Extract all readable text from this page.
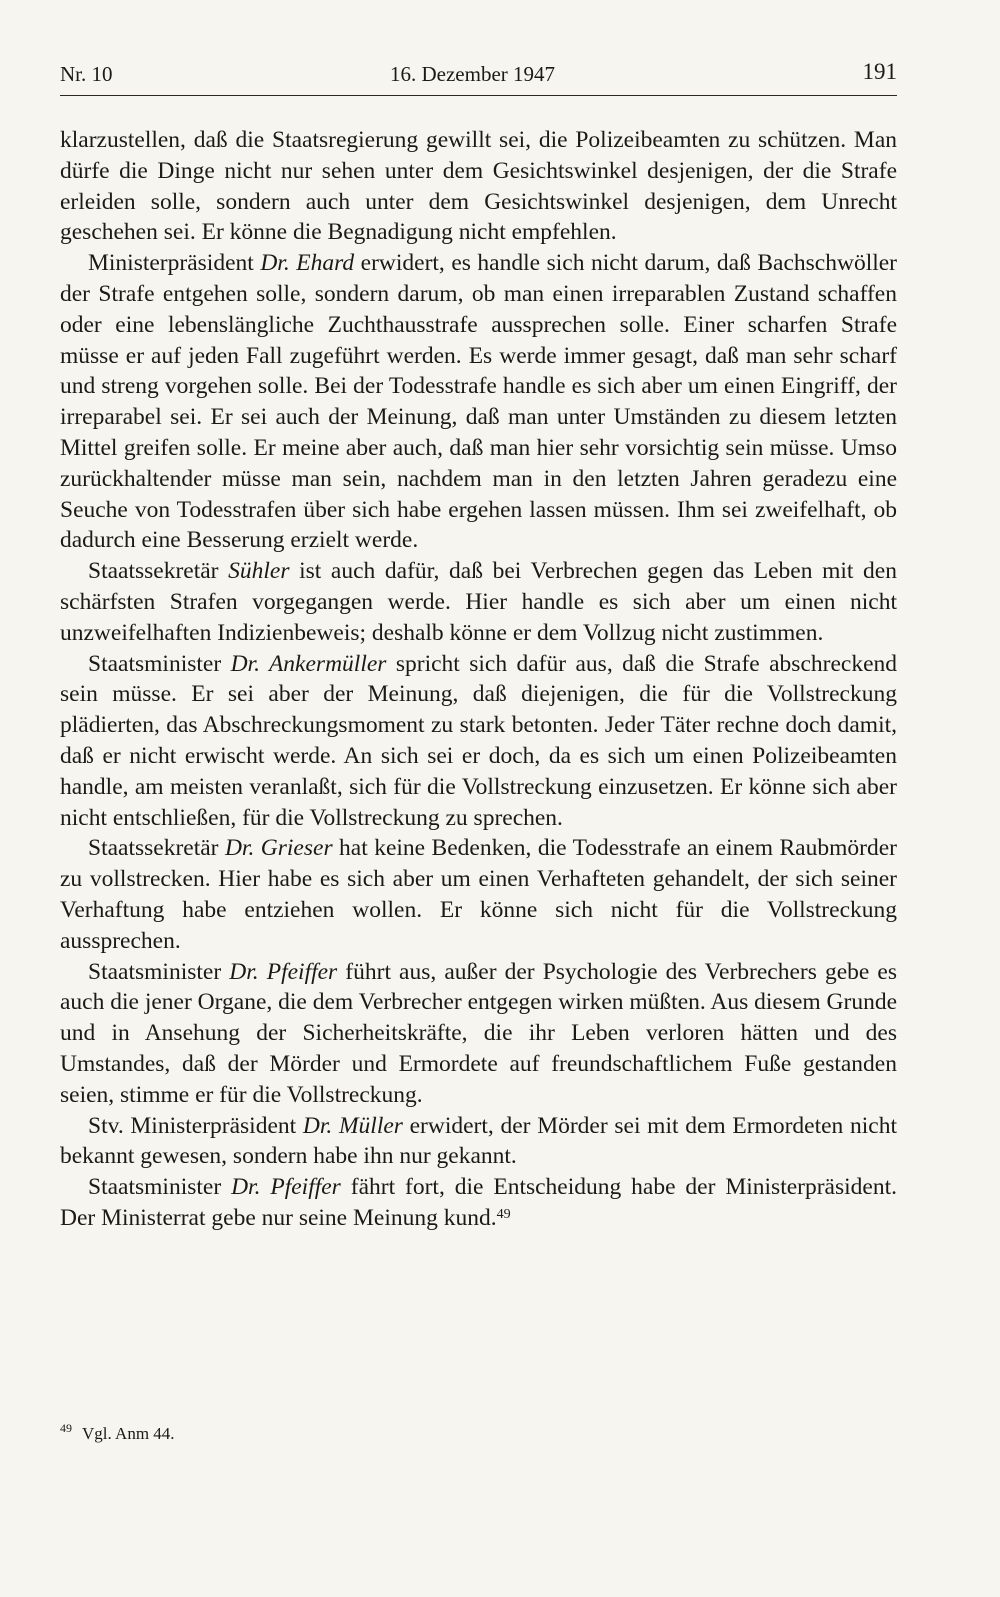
Nr. 10	16. Dezember 1947	191

klarzustellen, daß die Staatsregierung gewillt sei, die Polizeibeamten zu schützen. Man dürfe die Dinge nicht nur sehen unter dem Gesichtswinkel desjenigen, der die Strafe erleiden solle, sondern auch unter dem Gesichtswinkel desjenigen, dem Unrecht geschehen sei. Er könne die Begnadigung nicht empfehlen.

Ministerpräsident Dr. Ehard erwidert, es handle sich nicht darum, daß Bachschwöller der Strafe entgehen solle, sondern darum, ob man einen irreparablen Zustand schaffen oder eine lebenslängliche Zuchthausstrafe aussprechen solle. Einer scharfen Strafe müsse er auf jeden Fall zugeführt werden. Es werde immer gesagt, daß man sehr scharf und streng vorgehen solle. Bei der Todesstrafe handle es sich aber um einen Eingriff, der irreparabel sei. Er sei auch der Meinung, daß man unter Umständen zu diesem letzten Mittel greifen solle. Er meine aber auch, daß man hier sehr vorsichtig sein müsse. Umso zurückhaltender müsse man sein, nachdem man in den letzten Jahren geradezu eine Seuche von Todesstrafen über sich habe ergehen lassen müssen. Ihm sei zweifelhaft, ob dadurch eine Besserung erzielt werde.

Staatssekretär Sühler ist auch dafür, daß bei Verbrechen gegen das Leben mit den schärfsten Strafen vorgegangen werde. Hier handle es sich aber um einen nicht unzweifelhaften Indizienbeweis; deshalb könne er dem Vollzug nicht zustimmen.

Staatsminister Dr. Ankermüller spricht sich dafür aus, daß die Strafe abschreckend sein müsse. Er sei aber der Meinung, daß diejenigen, die für die Vollstreckung plädierten, das Abschreckungsmoment zu stark betonten. Jeder Täter rechne doch damit, daß er nicht erwischt werde. An sich sei er doch, da es sich um einen Polizeibeamten handle, am meisten veranlaßt, sich für die Vollstreckung einzusetzen. Er könne sich aber nicht entschließen, für die Vollstreckung zu sprechen.

Staatssekretär Dr. Grieser hat keine Bedenken, die Todesstrafe an einem Raubmörder zu vollstrecken. Hier habe es sich aber um einen Verhafteten gehandelt, der sich seiner Verhaftung habe entziehen wollen. Er könne sich nicht für die Vollstreckung aussprechen.

Staatsminister Dr. Pfeiffer führt aus, außer der Psychologie des Verbrechers gebe es auch die jener Organe, die dem Verbrecher entgegen wirken müßten. Aus diesem Grunde und in Ansehung der Sicherheitskräfte, die ihr Leben verloren hätten und des Umstandes, daß der Mörder und Ermordete auf freundschaftlichem Fuße gestanden seien, stimme er für die Vollstreckung.

Stv. Ministerpräsident Dr. Müller erwidert, der Mörder sei mit dem Ermordeten nicht bekannt gewesen, sondern habe ihn nur gekannt.

Staatsminister Dr. Pfeiffer fährt fort, die Entscheidung habe der Ministerpräsident. Der Ministerrat gebe nur seine Meinung kund.$^{49}$

$^{49}$ Vgl. Anm 44.
